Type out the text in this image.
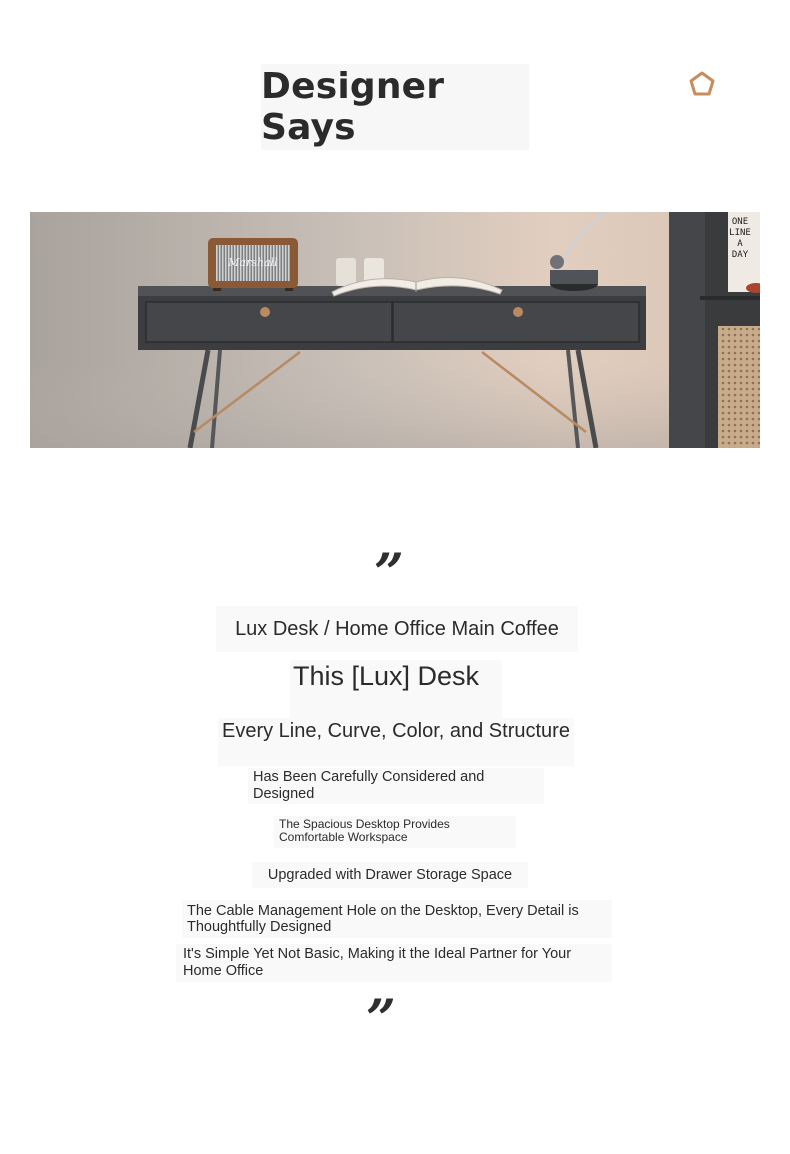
Designer Says
ONE
LINE
A
DAY
Marshall
”
Lux Desk / Home Office Main Coffee
This [Lux] Desk
Every Line, Curve, Color, and Structure
Has Been Carefully Considered and Designed
The Spacious Desktop Provides Comfortable Workspace
Upgraded with Drawer Storage Space
The Cable Management Hole on the Desktop, Every Detail is Thoughtfully Designed
It's Simple Yet Not Basic, Making it the Ideal Partner for Your Home Office
”
